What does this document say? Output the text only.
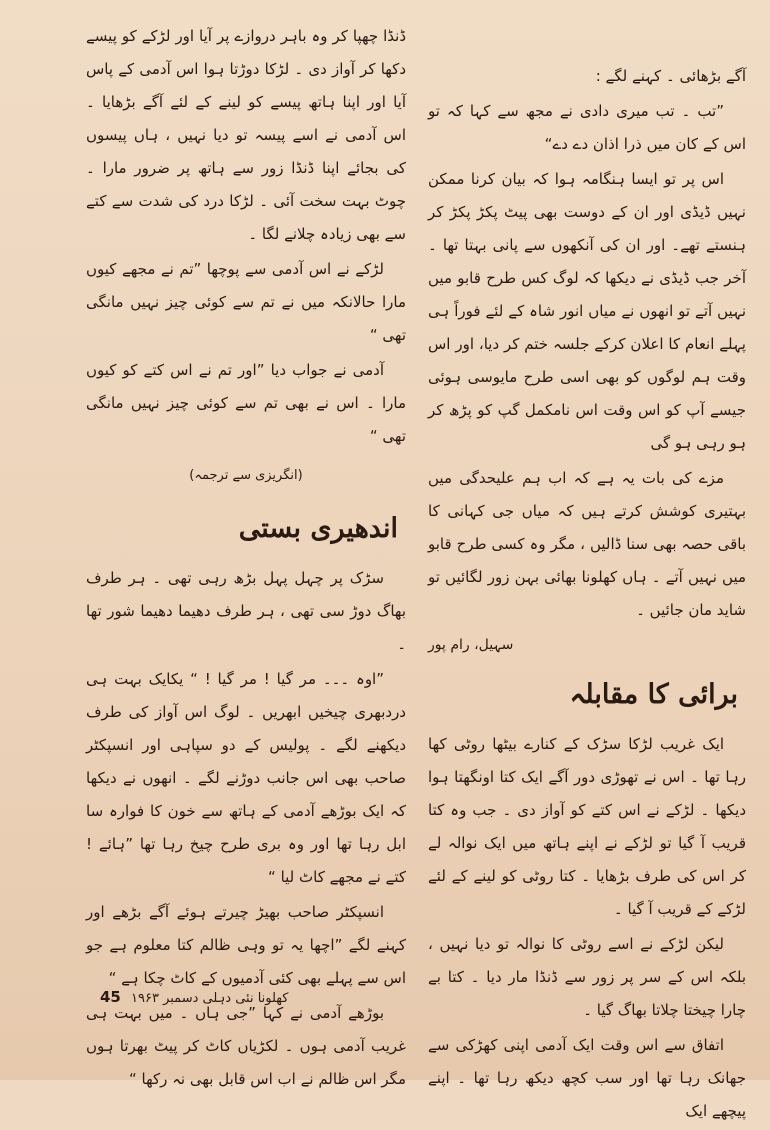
آگے بڑھائی ۔ کہنے لگے :

”تب ۔ تب میری دادی نے مجھ سے کہا کہ تو اس کے کان میں ذرا اذان دے دے“

اس پر تو ایسا ہنگامہ ہوا کہ بیان کرنا ممکن نہیں ڈیڈی اور ان کے دوست بھی پیٹ پکڑ پکڑ کر ہنستے تھے۔ اور ان کی آنکھوں سے پانی بہتا تھا ۔ آخر جب ڈیڈی نے دیکھا کہ لوگ کس طرح قابو میں نہیں آتے تو انھوں نے میاں انور شاہ کے لئے فوراً ہی پہلے انعام کا اعلان کرکے جلسہ ختم کر دیا، اور اس وقت ہم لوگوں کو بھی اسی طرح مایوسی ہوئی جیسے آپ کو اس وقت اس نامکمل گپ کو پڑھ کر ہو رہی ہو گی

مزے کی بات یہ ہے کہ اب ہم علیحدگی میں بہتیری کوشش کرتے ہیں کہ میاں جی کہانی کا باقی حصہ بھی سنا ڈالیں ، مگر وہ کسی طرح قابو میں نہیں آتے ۔ ہاں کھلونا بھائی بہن زور لگائیں تو شاید مان جائیں ۔

سہیل، رام پور
برائی کا مقابلہ

ایک غریب لڑکا سڑک کے کنارے بیٹھا روٹی کھا رہا تھا ۔ اس نے تھوڑی دور آگے ایک کتا اونگھتا ہوا دیکھا ۔ لڑکے نے اس کتے کو آواز دی ۔ جب وہ کتا قریب آ گیا تو لڑکے نے اپنے ہاتھ میں ایک نوالہ لے کر اس کی طرف بڑھایا ۔ کتا روٹی کو لینے کے لئے لڑکے کے قریب آ گیا ۔

لیکن لڑکے نے اسے روٹی کا نوالہ تو دیا نہیں ، بلکہ اس کے سر پر زور سے ڈنڈا مار دیا ۔ کتا بے چارا چیختا چلاتا بھاگ گیا ۔

اتفاق سے اس وقت ایک آدمی اپنی کھڑکی سے جھانک رہا تھا اور سب کچھ دیکھ رہا تھا ۔ اپنے پیچھے ایک

ڈنڈا چھپا کر وہ باہر دروازے پر آیا اور لڑکے کو پیسے دکھا کر آواز دی ۔ لڑکا دوڑتا ہوا اس آدمی کے پاس آیا اور اپنا ہاتھ پیسے کو لینے کے لئے آگے بڑھایا ۔ اس آدمی نے اسے پیسہ تو دیا نہیں ، ہاں پیسوں کی بجائے اپنا ڈنڈا زور سے ہاتھ پر ضرور مارا ۔ چوٹ بہت سخت آئی ۔ لڑکا درد کی شدت سے کتے سے بھی زیادہ چلانے لگا ۔

لڑکے نے اس آدمی سے پوچھا ”تم نے مجھے کیوں مارا حالانکہ میں نے تم سے کوئی چیز نہیں مانگی تھی “

آدمی نے جواب دیا ”اور تم نے اس کتے کو کیوں مارا ۔ اس نے بھی تم سے کوئی چیز نہیں مانگی تھی “

(انگریزی سے ترجمہ)
اندھیری بستی

سڑک پر چہل پہل بڑھ رہی تھی ۔ ہر طرف بھاگ دوڑ سی تھی ، ہر طرف دھیما دھیما شور تھا ۔

”اوہ ۔۔۔ مر گیا ! مر گیا ! “ یکایک بہت ہی دردبھری چیخیں ابھریں ۔ لوگ اس آواز کی طرف دیکھنے لگے ۔ پولیس کے دو سپاہی اور انسپکٹر صاحب بھی اس جانب دوڑنے لگے ۔ انھوں نے دیکھا کہ ایک بوڑھے آدمی کے ہاتھ سے خون کا فوارہ سا ابل رہا تھا اور وہ بری طرح چیخ رہا تھا ”ہائے ! کتے نے مجھے کاٹ لیا “

انسپکٹر صاحب بھیڑ چیرتے ہوئے آگے بڑھے اور کہنے لگے ”اچھا یہ تو وہی ظالم کتا معلوم ہے جو اس سے پہلے بھی کئی آدمیوں کے کاٹ چکا ہے “

بوڑھے آدمی نے کہا ”جی ہاں ۔ میں بہت ہی غریب آدمی ہوں ۔ لکڑیاں کاٹ کر پیٹ بھرتا ہوں مگر اس ظالم نے اب اس قابل بھی نہ رکھا “

کھلونا نئی دہلی دسمبر ۱۹۶۳ 45
